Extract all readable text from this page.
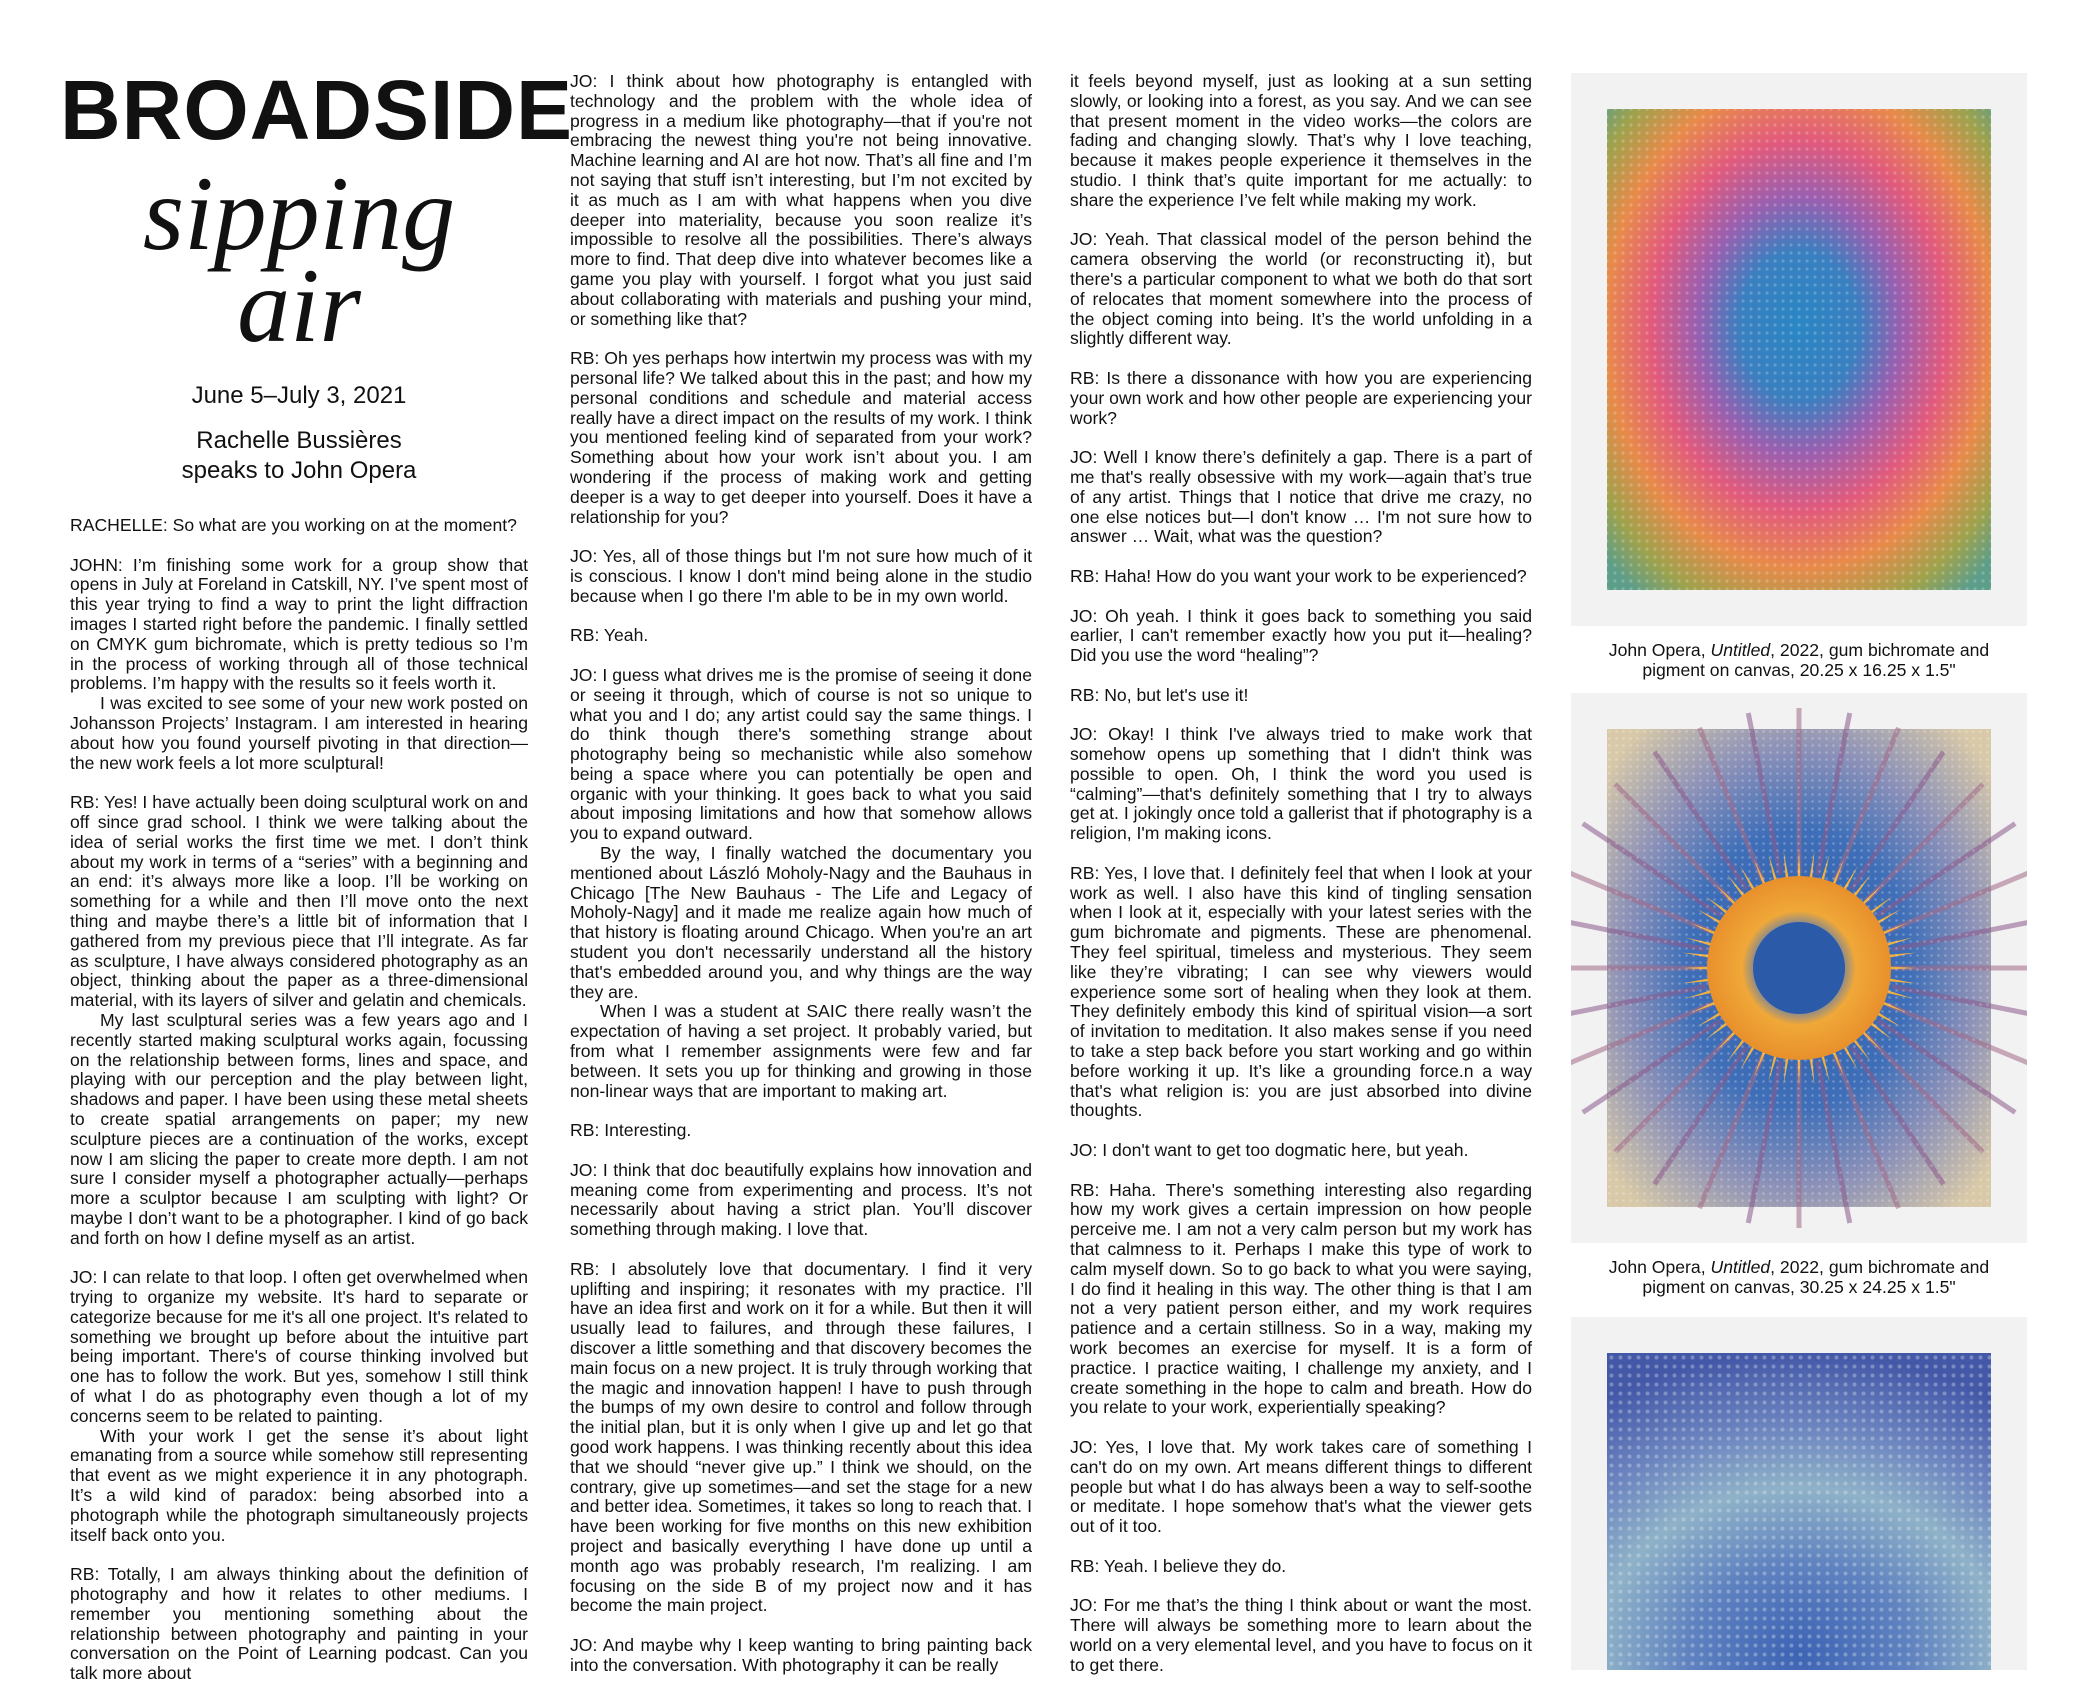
BROADSIDE
sipping
air
June 5–July 3, 2021
Rachelle Bussières
speaks to John Opera

RACHELLE: So what are you working on at the moment?

JOHN: I’m finishing some work for a group show that opens in July at Foreland in Catskill, NY. I’ve spent most of this year trying to find a way to print the light diffraction images I started right before the pandemic. I finally settled on CMYK gum bichromate, which is pretty tedious so I’m in the process of working through all of those technical problems. I’m happy with the results so it feels worth it.

I was excited to see some of your new work posted on Johansson Projects’ Instagram. I am interested in hearing about how you found yourself pivoting in that direction—the new work feels a lot more sculptural!

RB: Yes! I have actually been doing sculptural work on and off since grad school. I think we were talking about the idea of serial works the first time we met. I don’t think about my work in terms of a “series” with a beginning and an end: it’s always more like a loop. I’ll be working on something for a while and then I’ll move onto the next thing and maybe there’s a little bit of information that I gathered from my previous piece that I’ll integrate. As far as sculpture, I have always considered photography as an object, thinking about the paper as a three-dimensional material, with its layers of silver and gelatin and chemicals.

My last sculptural series was a few years ago and I recently started making sculptural works again, focussing on the relationship between forms, lines and space, and playing with our perception and the play between light, shadows and paper. I have been using these metal sheets to create spatial arrangements on paper; my new sculpture pieces are a continuation of the works, except now I am slicing the paper to create more depth. I am not sure I consider myself a photographer actually—perhaps more a sculptor because I am sculpting with light? Or maybe I don’t want to be a photographer. I kind of go back and forth on how I define myself as an artist.

JO: I can relate to that loop. I often get overwhelmed when trying to organize my website. It's hard to separate or categorize because for me it's all one project. It's related to something we brought up before about the intuitive part being important. There's of course thinking involved but one has to follow the work. But yes, somehow I still think of what I do as photography even though a lot of my concerns seem to be related to painting.

With your work I get the sense it’s about light emanating from a source while somehow still representing that event as we might experience it in any photograph. It’s a wild kind of paradox: being absorbed into a photograph while the photograph simultaneously projects itself back onto you.

RB: Totally, I am always thinking about the definition of photography and how it relates to other mediums. I remember you mentioning something about the relationship between photography and painting in your conversation on the Point of Learning podcast. Can you talk more about

JO: I think about how photography is entangled with technology and the problem with the whole idea of progress in a medium like photography—that if you're not embracing the newest thing you're not being innovative. Machine learning and AI are hot now. That’s all fine and I’m not saying that stuff isn’t interesting, but I’m not excited by it as much as I am with what happens when you dive deeper into materiality, because you soon realize it’s impossible to resolve all the possibilities. There’s always more to find. That deep dive into whatever becomes like a game you play with yourself. I forgot what you just said about collaborating with materials and pushing your mind, or something like that?

RB: Oh yes perhaps how intertwin my process was with my personal life? We talked about this in the past; and how my personal conditions and schedule and material access really have a direct impact on the results of my work. I think you mentioned feeling kind of separated from your work? Something about how your work isn’t about you. I am wondering if the process of making work and getting deeper is a way to get deeper into yourself. Does it have a relationship for you?

JO: Yes, all of those things but I'm not sure how much of it is conscious. I know I don't mind being alone in the studio because when I go there I'm able to be in my own world.

RB: Yeah.

JO: I guess what drives me is the promise of seeing it done or seeing it through, which of course is not so unique to what you and I do; any artist could say the same things. I do think though there's something strange about photography being so mechanistic while also somehow being a space where you can potentially be open and organic with your thinking. It goes back to what you said about imposing limitations and how that somehow allows you to expand outward.

By the way, I finally watched the documentary you mentioned about László Moholy-Nagy and the Bauhaus in Chicago [The New Bauhaus - The Life and Legacy of Moholy-Nagy] and it made me realize again how much of that history is floating around Chicago. When you're an art student you don't necessarily understand all the history that's embedded around you, and why things are the way they are.

When I was a student at SAIC there really wasn’t the expectation of having a set project. It probably varied, but from what I remember assignments were few and far between. It sets you up for thinking and growing in those non-linear ways that are important to making art.

RB: Interesting.

JO: I think that doc beautifully explains how innovation and meaning come from experimenting and process. It’s not necessarily about having a strict plan. You’ll discover something through making. I love that.

RB: I absolutely love that documentary. I find it very uplifting and inspiring; it resonates with my practice. I’ll have an idea first and work on it for a while. But then it will usually lead to failures, and through these failures, I discover a little something and that discovery becomes the main focus on a new project. It is truly through working that the magic and innovation happen! I have to push through the bumps of my own desire to control and follow through the initial plan, but it is only when I give up and let go that good work happens. I was thinking recently about this idea that we should “never give up.” I think we should, on the contrary, give up sometimes—and set the stage for a new and better idea. Sometimes, it takes so long to reach that. I have been working for five months on this new exhibition project and basically everything I have done up until a month ago was probably research, I'm realizing. I am focusing on the side B of my project now and it has become the main project.

JO: And maybe why I keep wanting to bring painting back into the conversation. With photography it can be really

it feels beyond myself, just as looking at a sun setting slowly, or looking into a forest, as you say. And we can see that present moment in the video works—the colors are fading and changing slowly. That’s why I love teaching, because it makes people experience it themselves in the studio. I think that’s quite important for me actually: to share the experience I’ve felt while making my work.

JO: Yeah. That classical model of the person behind the camera observing the world (or reconstructing it), but there's a particular component to what we both do that sort of relocates that moment somewhere into the process of the object coming into being. It’s the world unfolding in a slightly different way.

RB: Is there a dissonance with how you are experiencing your own work and how other people are experiencing your work?

JO: Well I know there’s definitely a gap. There is a part of me that's really obsessive with my work—again that’s true of any artist. Things that I notice that drive me crazy, no one else notices but—I don't know … I'm not sure how to answer … Wait, what was the question?

RB: Haha! How do you want your work to be experienced?

JO: Oh yeah. I think it goes back to something you said earlier, I can't remember exactly how you put it—healing? Did you use the word “healing”?

RB: No, but let's use it!

JO: Okay! I think I've always tried to make work that somehow opens up something that I didn't think was possible to open. Oh, I think the word you used is “calming”—that's definitely something that I try to always get at. I jokingly once told a gallerist that if photography is a religion, I'm making icons.

RB: Yes, I love that. I definitely feel that when I look at your work as well. I also have this kind of tingling sensation when I look at it, especially with your latest series with the gum bichromate and pigments. These are phenomenal. They feel spiritual, timeless and mysterious. They seem like they’re vibrating; I can see why viewers would experience some sort of healing when they look at them. They definitely embody this kind of spiritual vision—a sort of invitation to meditation. It also makes sense if you need to take a step back before you start working and go within before working it up. It’s like a grounding force.n a way that's what religion is: you are just absorbed into divine thoughts.

JO: I don't want to get too dogmatic here, but yeah.

RB: Haha. There's something interesting also regarding how my work gives a certain impression on how people perceive me. I am not a very calm person but my work has that calmness to it. Perhaps I make this type of work to calm myself down. So to go back to what you were saying, I do find it healing in this way. The other thing is that I am not a very patient person either, and my work requires patience and a certain stillness. So in a way, making my work becomes an exercise for myself. It is a form of practice. I practice waiting, I challenge my anxiety, and I create something in the hope to calm and breath. How do you relate to your work, experientially speaking?

JO: Yes, I love that. My work takes care of something I can't do on my own. Art means different things to different people but what I do has always been a way to self-soothe or meditate. I hope somehow that's what the viewer gets out of it too.

RB: Yeah. I believe they do.

JO: For me that’s the thing I think about or want the most. There will always be something more to learn about the world on a very elemental level, and you have to focus on it to get there.

John Opera, Untitled, 2022, gum bichromate and
pigment on canvas, 20.25 x 16.25 x 1.5"
John Opera, Untitled, 2022, gum bichromate and
pigment on canvas, 30.25 x 24.25 x 1.5"
